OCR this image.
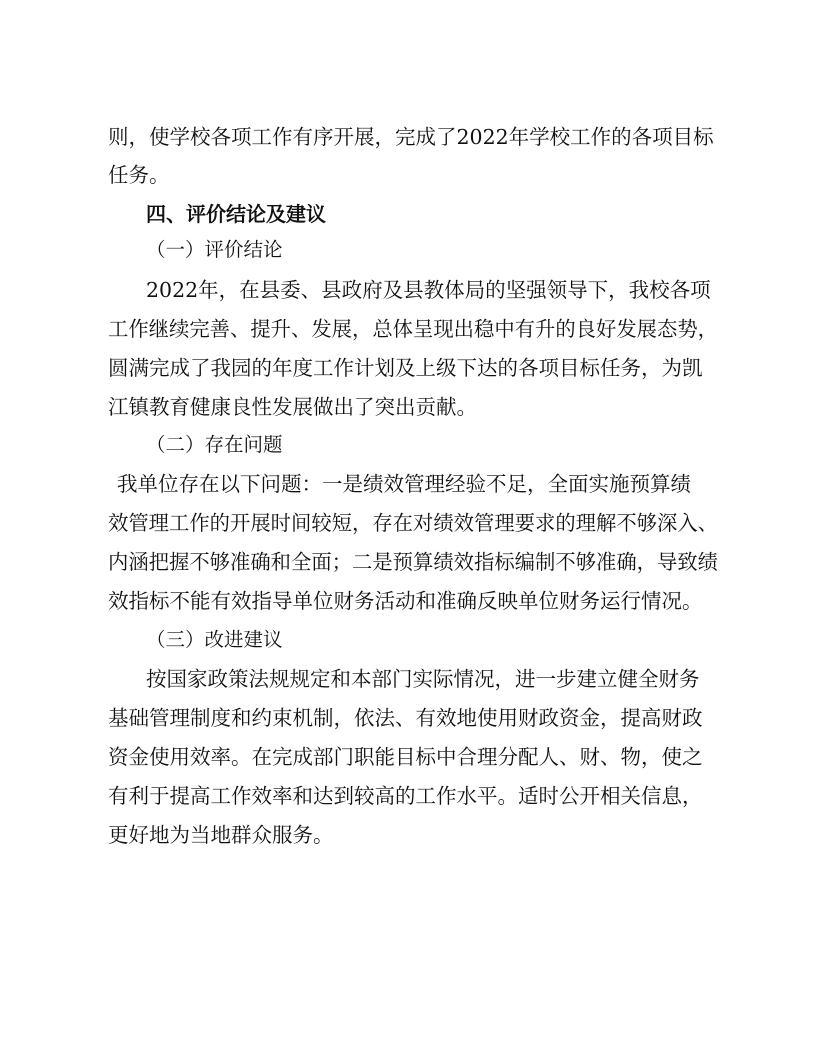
则，使学校各项工作有序开展，完成了2022年学校工作的各项目标
任务。
四、评价结论及建议
（一）评价结论
2022年，在县委、县政府及县教体局的坚强领导下，我校各项
工作继续完善、提升、发展，总体呈现出稳中有升的良好发展态势，
圆满完成了我园的年度工作计划及上级下达的各项目标任务，为凯
江镇教育健康良性发展做出了突出贡献。
（二）存在问题
我单位存在以下问题：一是绩效管理经验不足，全面实施预算绩
效管理工作的开展时间较短，存在对绩效管理要求的理解不够深入、
内涵把握不够准确和全面；二是预算绩效指标编制不够准确，导致绩
效指标不能有效指导单位财务活动和准确反映单位财务运行情况。
（三）改进建议
按国家政策法规规定和本部门实际情况，进一步建立健全财务
基础管理制度和约束机制，依法、有效地使用财政资金，提高财政
资金使用效率。在完成部门职能目标中合理分配人、财、物，使之
有利于提高工作效率和达到较高的工作水平。适时公开相关信息，
更好地为当地群众服务。
